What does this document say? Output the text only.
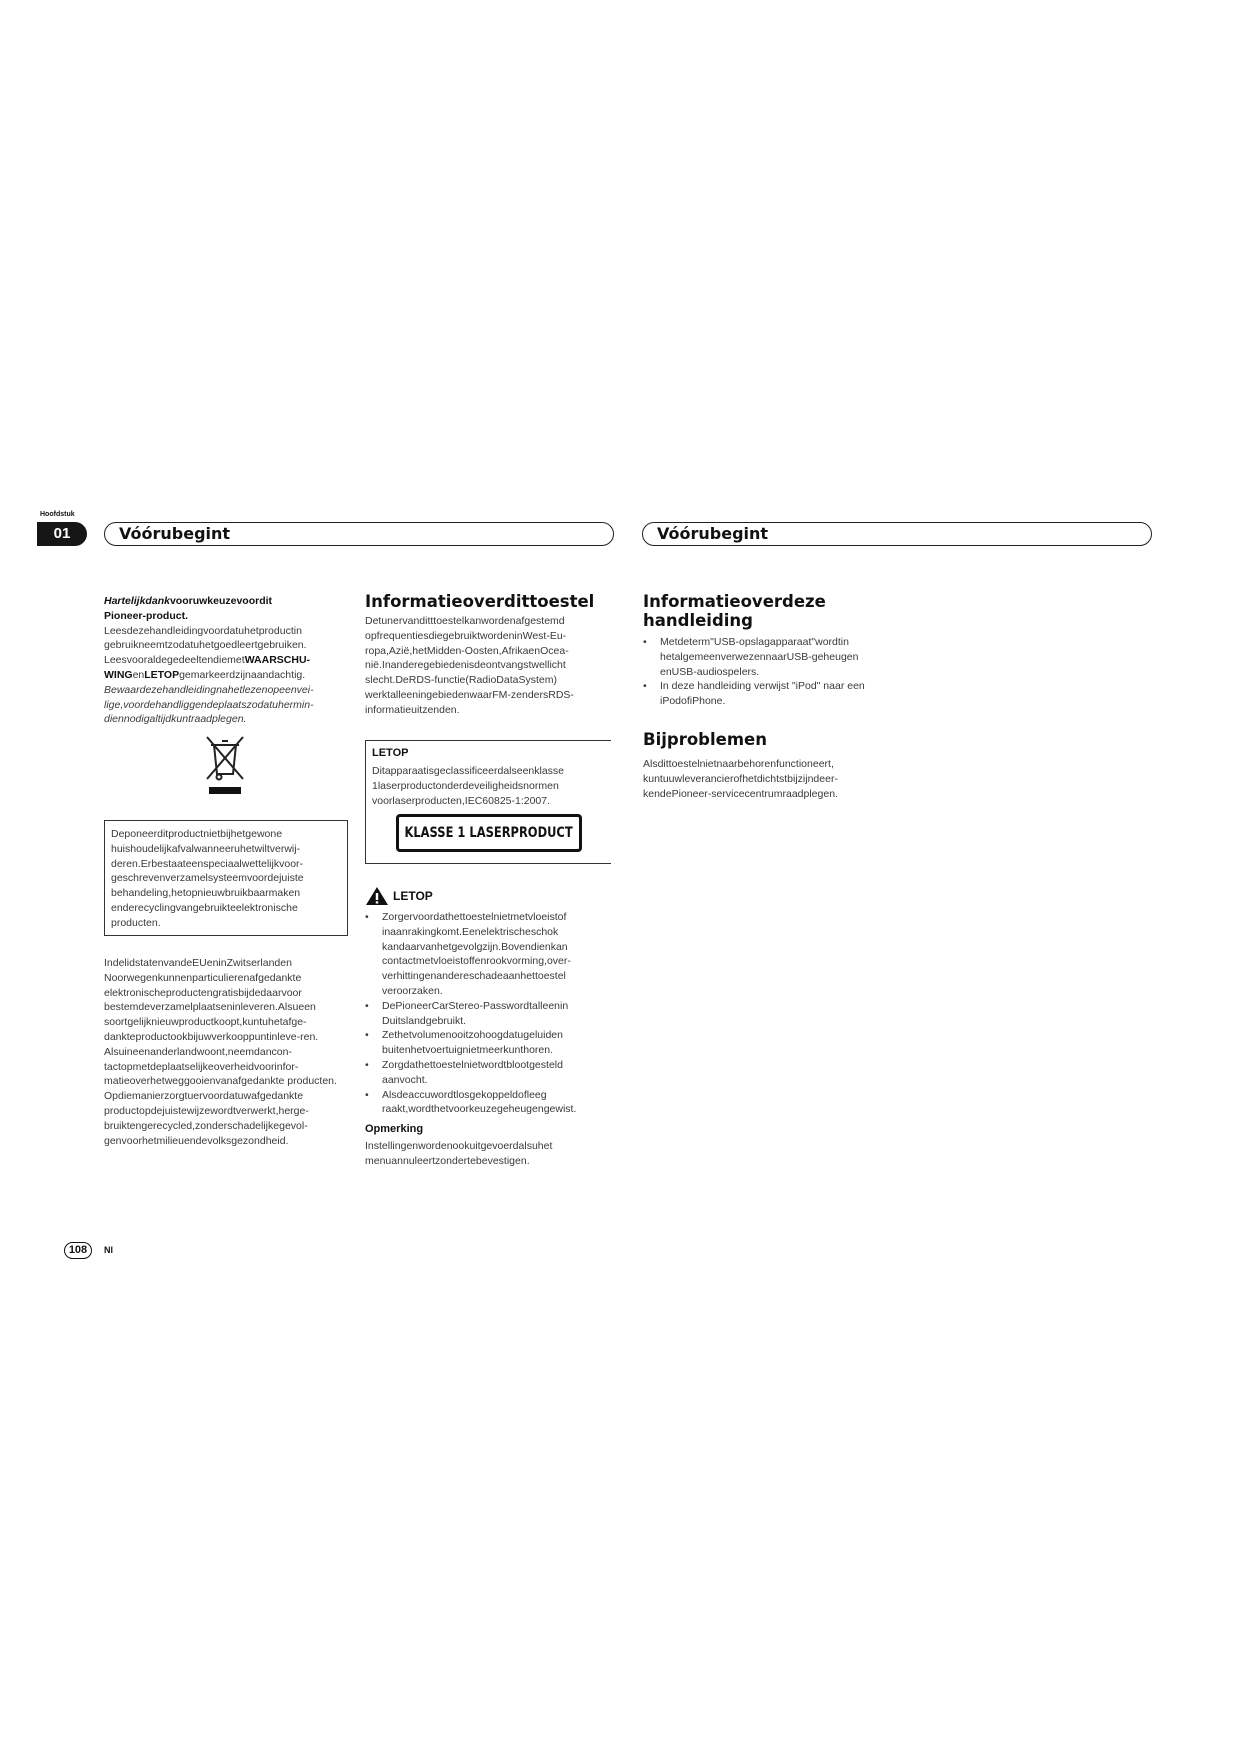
Hoofdstuk
01	Vóórubegint	Vóórubegint

Hartelijkdankvooruwkeuzevoordit
Pioneer-product.

Leesdezehandleidingvoordatuhetproductin gebruikneemtzodatuhetgoedleertgebruiken. LeesvooraldegedeeltendiemetWAARSCHU-WINGenLETOPgemarkeerdzijnaandachtig.

Bewaardezehandleidingnahetlezenopeenvei-lige,voordehandliggendeplaatszodatuhermin-diennodigaltijdkuntraadplegen.

Deponeerditproductnietbijhetgewone huishoudelijkafvalwanneeruhetwiltverwij-deren.Erbestaateenspeciaalwettelijkvoor-geschrevenverzamelsysteemvoordejuiste behandeling,hetopnieuwbruikbaarmaken enderecyclingvangebruikteelektronische producten.

IndelidstatenvandeEUeninZwitserlanden Noorwegenkunnenparticulierenafgedankte elektronischeproductengratisbijdedaarvoor bestemdeverzamelplaatseninleveren.Alsueen soortgelijknieuwproductkoopt,kuntuhetafge-dankteproductookbijuwverkooppuntinleve-ren.

Alsuineenanderlandwoont,neemdancon-tactopmetdeplaatselijkeoverheidvoorinfor-matieoverhetweggooienvanafgedankte producten.

Opdiemanierzorgtuervoordatuwafgedankte productopdejuistewijzewordtverwerkt,herge-bruiktengerecycled,zonderschadelijkegevol-genvoorhetmilieuendevolksgezondheid.

Informatieoverdittoestel

Detunervanditttoestelkanwordenafgestemd opfrequentiesdiegebruiktwordeninWest-Eu-ropa,Azië,hetMidden-Oosten,AfrikaenOcea-nië.Inanderegebiedenisdeontvangstwellicht slecht.DeRDS-functie(RadioDataSystem) werktalleeningebiedenwaarFM-zendersRDS-informatieuitzenden.

LETOP
Ditapparaatisgeclassificeerdalseenklasse 1laserproductonderdeveiligheidsnormen voorlaserproducten,IEC60825-1:2007.
KLASSE 1 LASERPRODUCT
LETOP
• Zorgervoordathettoestelnietmetvloeistof inaanrakingkomt.Eenelektrischeschok kandaarvanhetgevolgzijn.Bovendienkan contactmetvloeistoffenrookvorming,over-verhittingenandereschadeaanhettoestel veroorzaken.
• DePioneerCarStereo-Passwordtalleenin Duitslandgebruikt.
• Zethetvolumenooitzohoogdatugeluiden buitenhetvoertuignietmeerkunthoren.
• Zorgdathettoestelnietwordtblootgesteld aanvocht.
• Alsdeaccuwordtlosgekoppeldofleeg raakt,wordthetvoorkeuzegeheugengewist.

Opmerking

Instellingenwordenookuitgevoerdalsuhet menuannuleertzondertebevestigen.

Informatieoverdeze handleiding
• Metdeterm"USB-opslagapparaat"wordtin hetalgemeenverwezennaarUSB-geheugen enUSB-audiospelers.
• In deze handleiding verwijst "iPod" naar een iPodofiPhone.
Bijproblemen

Alsdittoestelnietnaarbehorenfunctioneert, kuntuuwleverancierofhetdichtstbijzijndeer-kendePioneer-servicecentrumraadplegen.

108	Nl
